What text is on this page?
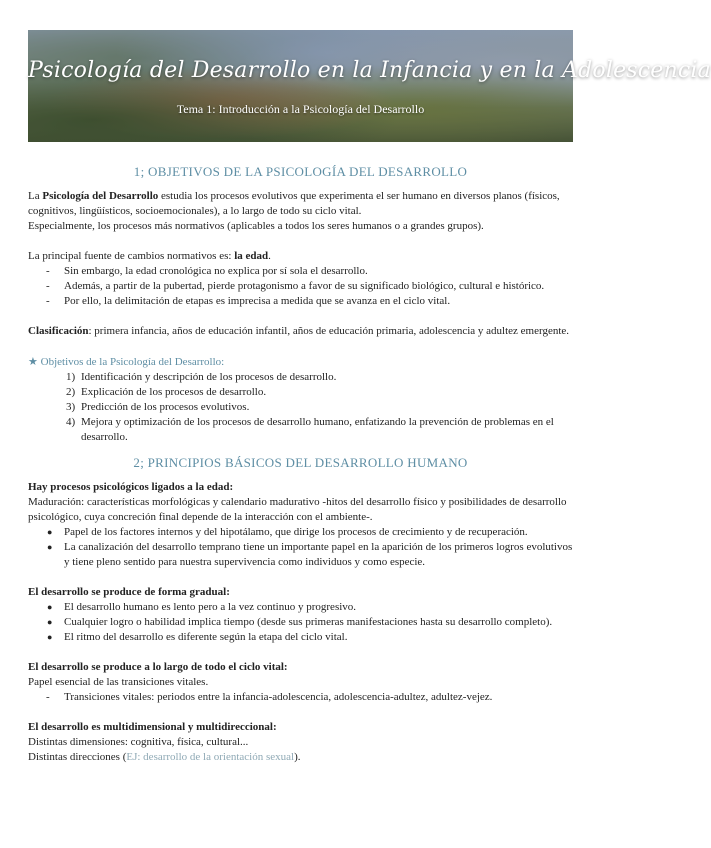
Psicología del Desarrollo en la Infancia y en la Adolescencia
Tema 1: Introducción a la Psicología del Desarrollo
1; OBJETIVOS DE LA PSICOLOGÍA DEL DESARROLLO

La Psicología del Desarrollo estudia los procesos evolutivos que experimenta el ser humano en diversos planos (físicos, cognitivos, lingüísticos, socioemocionales), a lo largo de todo su ciclo vital.

Especialmente, los procesos más normativos (aplicables a todos los seres humanos o a grandes grupos).

La principal fuente de cambios normativos es: la edad.

- Sin embargo, la edad cronológica no explica por sí sola el desarrollo.
- Además, a partir de la pubertad, pierde protagonismo a favor de su significado biológico, cultural e histórico.
- Por ello, la delimitación de etapas es imprecisa a medida que se avanza en el ciclo vital.

Clasificación: primera infancia, años de educación infantil, años de educación primaria, adolescencia y adultez emergente.

★ Objetivos de la Psicología del Desarrollo:

1) Identificación y descripción de los procesos de desarrollo.
2) Explicación de los procesos de desarrollo.
3) Predicción de los procesos evolutivos.
4) Mejora y optimización de los procesos de desarrollo humano, enfatizando la prevención de problemas en el desarrollo.
2; PRINCIPIOS BÁSICOS DEL DESARROLLO HUMANO

Hay procesos psicológicos ligados a la edad:

Maduración: características morfológicas y calendario madurativo -hitos del desarrollo físico y posibilidades de desarrollo psicológico, cuya concreción final depende de la interacción con el ambiente-.

● Papel de los factores internos y del hipotálamo, que dirige los procesos de crecimiento y de recuperación.
● La canalización del desarrollo temprano tiene un importante papel en la aparición de los primeros logros evolutivos y tiene pleno sentido para nuestra supervivencia como individuos y como especie.

El desarrollo se produce de forma gradual:

● El desarrollo humano es lento pero a la vez continuo y progresivo.
● Cualquier logro o habilidad implica tiempo (desde sus primeras manifestaciones hasta su desarrollo completo).
● El ritmo del desarrollo es diferente según la etapa del ciclo vital.

El desarrollo se produce a lo largo de todo el ciclo vital:

Papel esencial de las transiciones vitales.

- Transiciones vitales: periodos entre la infancia-adolescencia, adolescencia-adultez, adultez-vejez.

El desarrollo es multidimensional y multidireccional:

Distintas dimensiones: cognitiva, física, cultural...

Distintas direcciones (EJ: desarrollo de la orientación sexual).
